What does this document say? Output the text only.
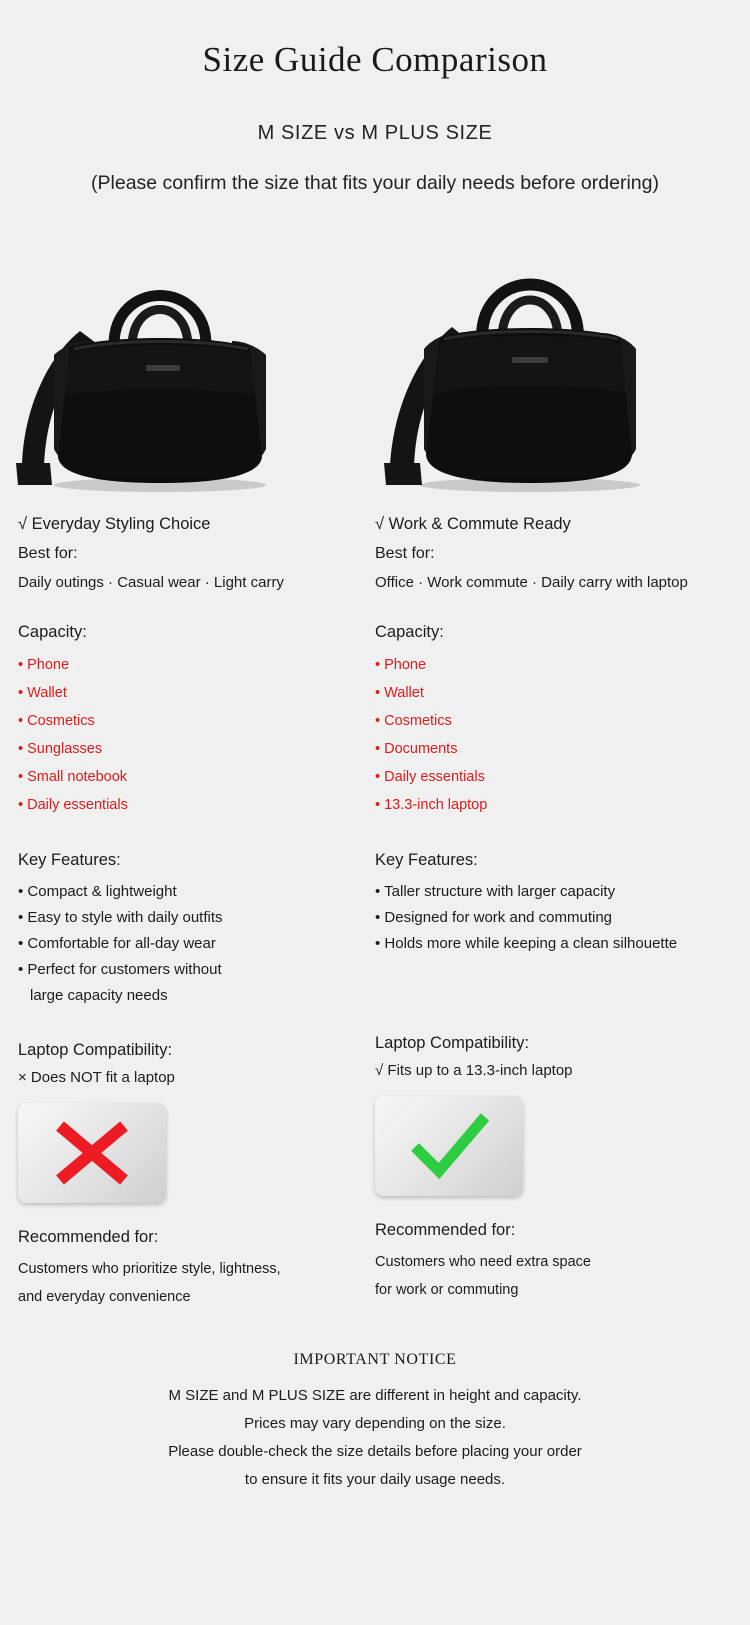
Size Guide Comparison
M SIZE vs M PLUS SIZE
(Please confirm the size that fits your daily needs before ordering)
√ Everyday Styling Choice
Best for:
Daily outings · Casual wear · Light carry
Capacity:
• Phone
• Wallet
• Cosmetics
• Sunglasses
• Small notebook
• Daily essentials
Key Features:
• Compact & lightweight
• Easy to style with daily outfits
• Comfortable for all-day wear
• Perfect for customers without
large capacity needs
Laptop Compatibility:
× Does NOT fit a laptop
Recommended for:
Customers who prioritize style, lightness,
and everyday convenience
√ Work & Commute Ready
Best for:
Office · Work commute · Daily carry with laptop
Capacity:
• Phone
• Wallet
• Cosmetics
• Documents
• Daily essentials
• 13.3-inch laptop
Key Features:
• Taller structure with larger capacity
• Designed for work and commuting
• Holds more while keeping a clean silhouette
Laptop Compatibility:
√ Fits up to a 13.3-inch laptop
Recommended for:
Customers who need extra space
for work or commuting
IMPORTANT NOTICE
M SIZE and M PLUS SIZE are different in height and capacity.
Prices may vary depending on the size.
Please double-check the size details before placing your order
to ensure it fits your daily usage needs.
